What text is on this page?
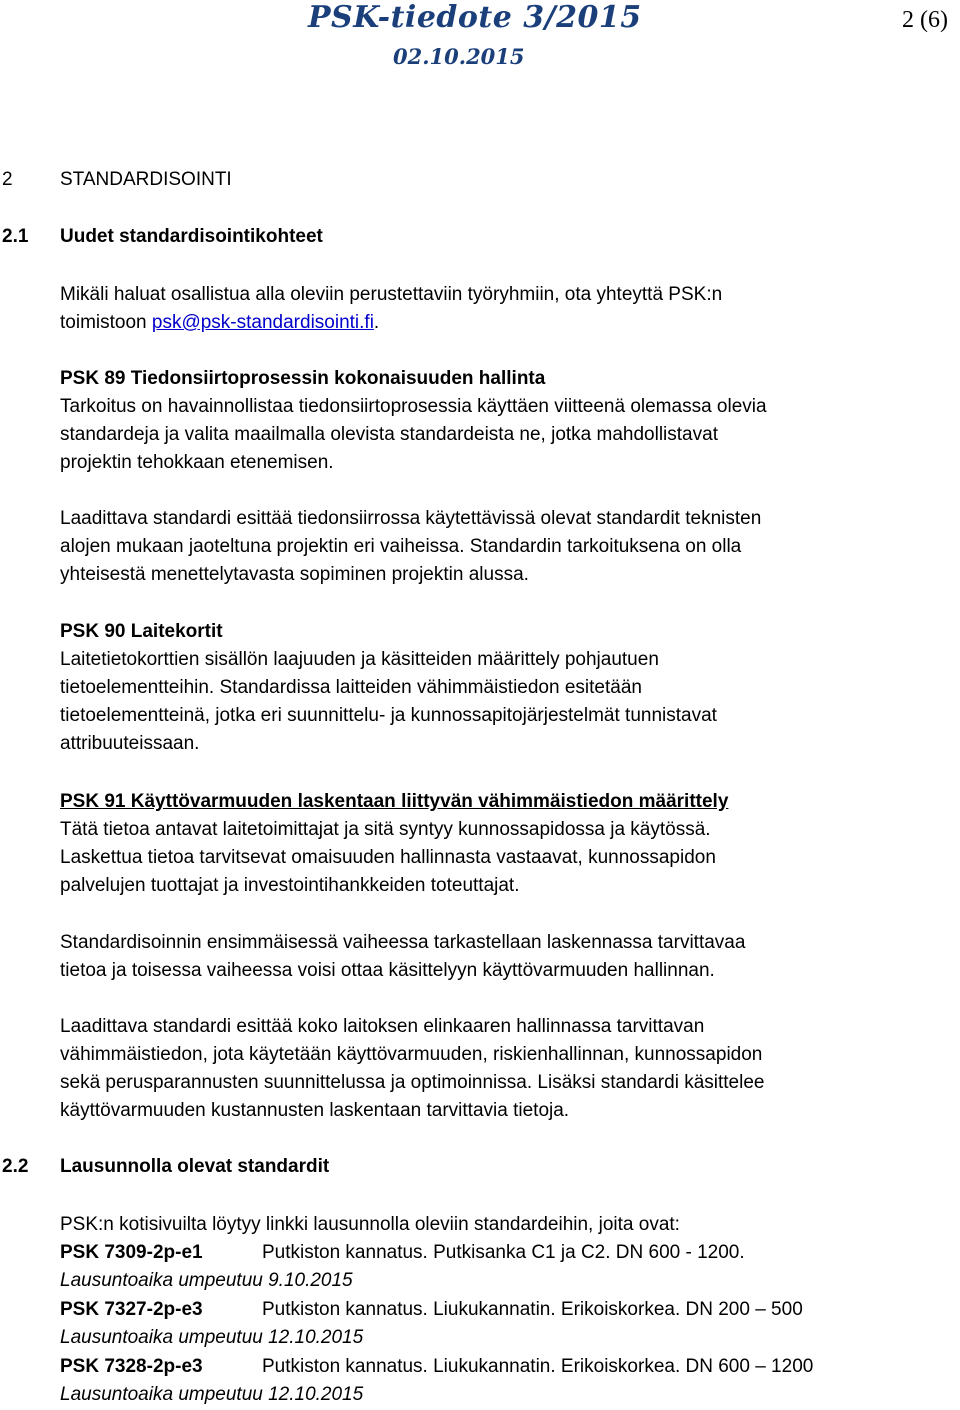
PSK-tiedote 3/2015	2 (6)
02.10.2015
2 STANDARDISOINTI
2.1 Uudet standardisointikohteet
Mikäli haluat osallistua alla oleviin perustettaviin työryhmiin, ota yhteyttä PSK:n
toimistoon psk@psk-standardisointi.fi.
PSK 89 Tiedonsiirtoprosessin kokonaisuuden hallinta
Tarkoitus on havainnollistaa tiedonsiirtoprosessia käyttäen viitteenä olemassa olevia
standardeja ja valita maailmalla olevista standardeista ne, jotka mahdollistavat
projektin tehokkaan etenemisen.
Laadittava standardi esittää tiedonsiirrossa käytettävissä olevat standardit teknisten
alojen mukaan jaoteltuna projektin eri vaiheissa. Standardin tarkoituksena on olla
yhteisestä menettelytavasta sopiminen projektin alussa.
PSK 90 Laitekortit
Laitetietokorttien sisällön laajuuden ja käsitteiden määrittely pohjautuen
tietoelementteihin. Standardissa laitteiden vähimmäistiedon esitetään
tietoelementteinä, jotka eri suunnittelu- ja kunnossapitojärjestelmät tunnistavat
attribuuteissaan.
PSK 91 Käyttövarmuuden laskentaan liittyvän vähimmäistiedon määrittely
Tätä tietoa antavat laitetoimittajat ja sitä syntyy kunnossapidossa ja käytössä.
Laskettua tietoa tarvitsevat omaisuuden hallinnasta vastaavat, kunnossapidon
palvelujen tuottajat ja investointihankkeiden toteuttajat.
Standardisoinnin ensimmäisessä vaiheessa tarkastellaan laskennassa tarvittavaa
tietoa ja toisessa vaiheessa voisi ottaa käsittelyyn käyttövarmuuden hallinnan.
Laadittava standardi esittää koko laitoksen elinkaaren hallinnassa tarvittavan
vähimmäistiedon, jota käytetään käyttövarmuuden, riskienhallinnan, kunnossapidon
sekä perusparannusten suunnittelussa ja optimoinnissa. Lisäksi standardi käsittelee
käyttövarmuuden kustannusten laskentaan tarvittavia tietoja.
2.2 Lausunnolla olevat standardit
PSK:n kotisivuilta löytyy linkki lausunnolla oleviin standardeihin, joita ovat:
PSK 7309-2p-e1	Putkiston kannatus. Putkisanka C1 ja C2. DN 600 - 1200.
Lausuntoaika umpeutuu 9.10.2015
PSK 7327-2p-e3	Putkiston kannatus. Liukukannatin. Erikoiskorkea. DN 200 – 500
Lausuntoaika umpeutuu 12.10.2015
PSK 7328-2p-e3	Putkiston kannatus. Liukukannatin. Erikoiskorkea. DN 600 – 1200
Lausuntoaika umpeutuu 12.10.2015
